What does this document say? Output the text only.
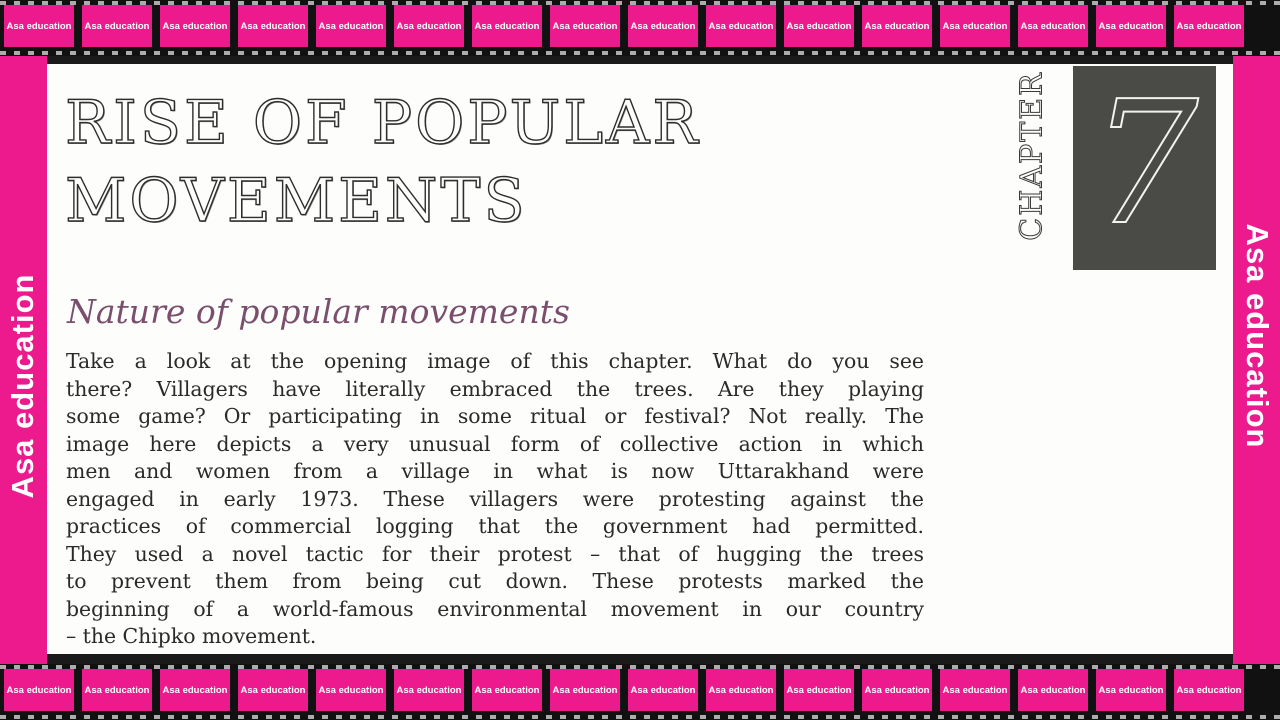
Asa education Asa education Asa education Asa education Asa education Asa education Asa education Asa education Asa education Asa education Asa education Asa education Asa education Asa education Asa education Asa education
Asa education	Asa education
RISE OF POPULAR
MOVEMENTS	CHAPTER 7
Nature of popular movements
Take a look at the opening image of this chapter. What do you see
there? Villagers have literally embraced the trees. Are they playing
some game? Or participating in some ritual or festival? Not really. The
image here depicts a very unusual form of collective action in which
men and women from a village in what is now Uttarakhand were
engaged in early 1973. These villagers were protesting against the
practices of commercial logging that the government had permitted.
They used a novel tactic for their protest – that of hugging the trees
to prevent them from being cut down. These protests marked the
beginning of a world-famous environmental movement in our country
– the Chipko movement.
Asa education Asa education Asa education Asa education Asa education Asa education Asa education Asa education Asa education Asa education Asa education Asa education Asa education Asa education Asa education Asa education
